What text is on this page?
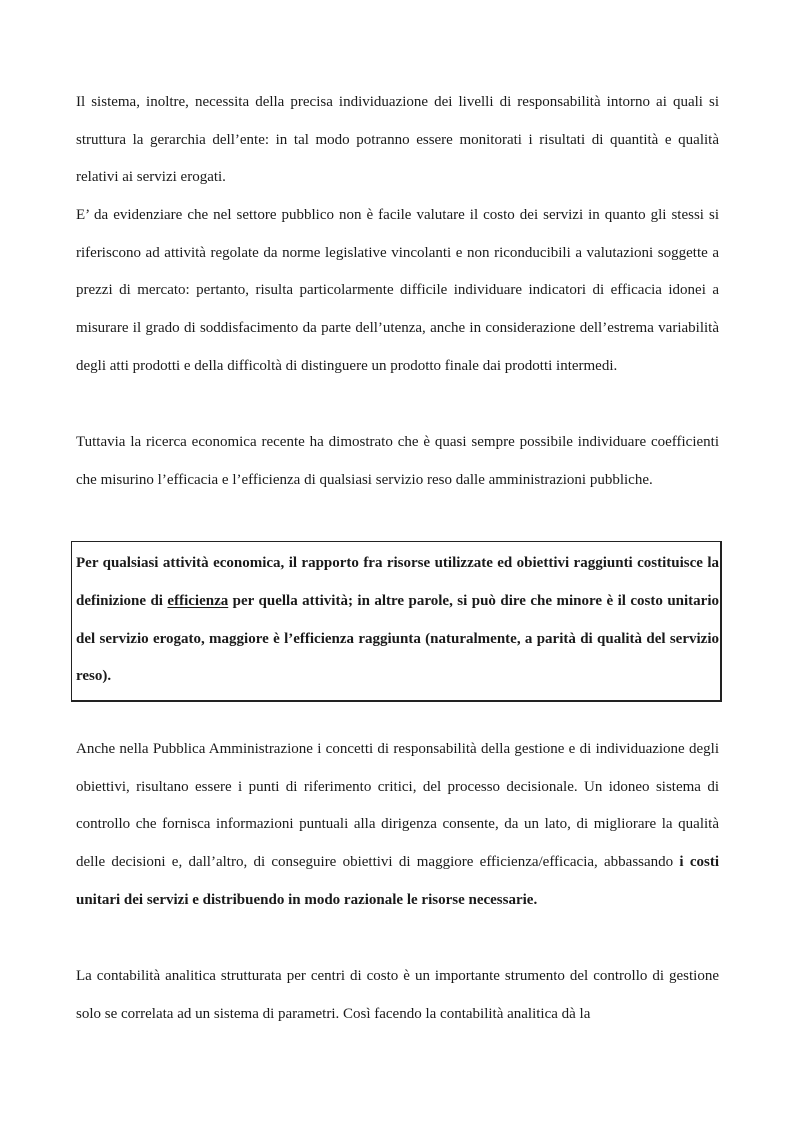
Il sistema, inoltre, necessita della precisa individuazione dei livelli di responsabilità intorno ai quali si struttura la gerarchia dell’ente: in tal modo potranno essere monitorati i risultati di quantità e qualità relativi ai servizi erogati.

E’ da evidenziare che nel settore pubblico non è facile valutare il costo dei servizi in quanto gli stessi si riferiscono ad attività regolate da norme legislative vincolanti e non riconducibili a valutazioni soggette a prezzi di mercato: pertanto, risulta particolarmente difficile individuare indicatori di efficacia idonei a misurare il grado di soddisfacimento da parte dell’utenza, anche in considerazione dell’estrema variabilità degli atti prodotti e della difficoltà di distinguere un prodotto finale dai prodotti intermedi.

Tuttavia la ricerca economica recente ha dimostrato che è quasi sempre possibile individuare coefficienti che misurino l’efficacia e l’efficienza di qualsiasi servizio reso dalle amministrazioni pubbliche.

Per qualsiasi attività economica, il rapporto fra risorse utilizzate ed obiettivi raggiunti costituisce la definizione di efficienza per quella attività; in altre parole, si può dire che minore è il costo unitario del servizio erogato, maggiore è l’efficienza raggiunta (naturalmente, a parità di qualità del servizio reso).

Anche nella Pubblica Amministrazione i concetti di responsabilità della gestione e di individuazione degli obiettivi, risultano essere i punti di riferimento critici, del processo decisionale. Un idoneo sistema di controllo che fornisca informazioni puntuali alla dirigenza consente, da un lato, di migliorare la qualità delle decisioni e, dall’altro, di conseguire obiettivi di maggiore efficienza/efficacia, abbassando i costi unitari dei servizi e distribuendo in modo razionale le risorse necessarie.

La contabilità analitica strutturata per centri di costo è un importante strumento del controllo di gestione solo se correlata ad un sistema di parametri. Così facendo la contabilità analitica dà la
